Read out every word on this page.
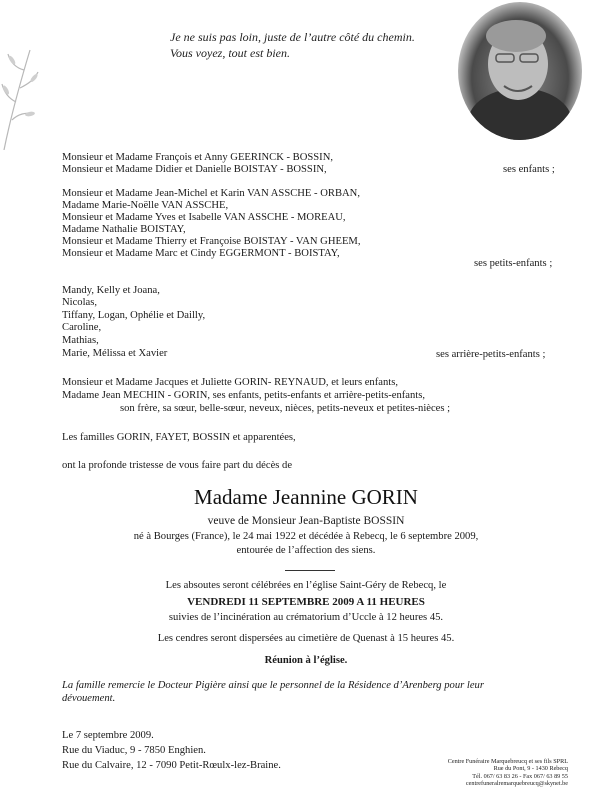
Je ne suis pas loin, juste de l’autre côté du chemin.
Vous voyez, tout est bien.
Monsieur et Madame François et Anny GEERINCK - BOSSIN,
Monsieur et Madame Didier et Danielle BOISTAY - BOSSIN,	ses enfants ;
Monsieur et Madame Jean-Michel et Karin VAN ASSCHE - ORBAN,
Madame Marie-Noëlle VAN ASSCHE,
Monsieur et Madame Yves et Isabelle VAN ASSCHE - MOREAU,
Madame Nathalie BOISTAY,
Monsieur et Madame Thierry et Françoise BOISTAY - VAN GHEEM,
Monsieur et Madame Marc et Cindy EGGERMONT - BOISTAY,
ses petits-enfants ;
Mandy, Kelly et Joana,
Nicolas,
Tiffany, Logan, Ophélie et Dailly,
Caroline,
Mathias,
Marie, Mélissa et Xavier	ses arrière-petits-enfants ;
Monsieur et Madame Jacques et Juliette GORIN- REYNAUD, et leurs enfants,
Madame Jean MECHIN - GORIN, ses enfants, petits-enfants et arrière-petits-enfants,
son frère, sa sœur, belle-sœur, neveux, nièces, petits-neveux et petites-nièces ;
Les familles GORIN, FAYET, BOSSIN et apparentées,
ont la profonde tristesse de vous faire part du décès de
Madame Jeannine GORIN
veuve de Monsieur Jean-Baptiste BOSSIN
né à Bourges (France), le 24 mai 1922 et décédée à Rebecq, le 6 septembre 2009,
entourée de l’affection des siens.
Les absoutes seront célébrées en l’église Saint-Géry de Rebecq, le
VENDREDI 11 SEPTEMBRE 2009 A 11 HEURES
suivies de l’incinération au crématorium d’Uccle à 12 heures 45.
Les cendres seront dispersées au cimetière de Quenast à 15 heures 45.
Réunion à l’église.
La famille remercie le Docteur Pigière ainsi que le personnel de la Résidence d’Arenberg pour leur
dévouement.
Le 7 septembre 2009.
Rue du Viaduc, 9 - 7850 Enghien.
Rue du Calvaire, 12 - 7090 Petit-Rœulx-lez-Braine.	Centre Funéraire Marquebreucq et ses fils SPRL
Rue du Pont, 9 - 1430 Rebecq
Tél. 067/ 63 83 26 - Fax 067/ 63 89 55
centrefuneralremarquebreucq@skynet.be
